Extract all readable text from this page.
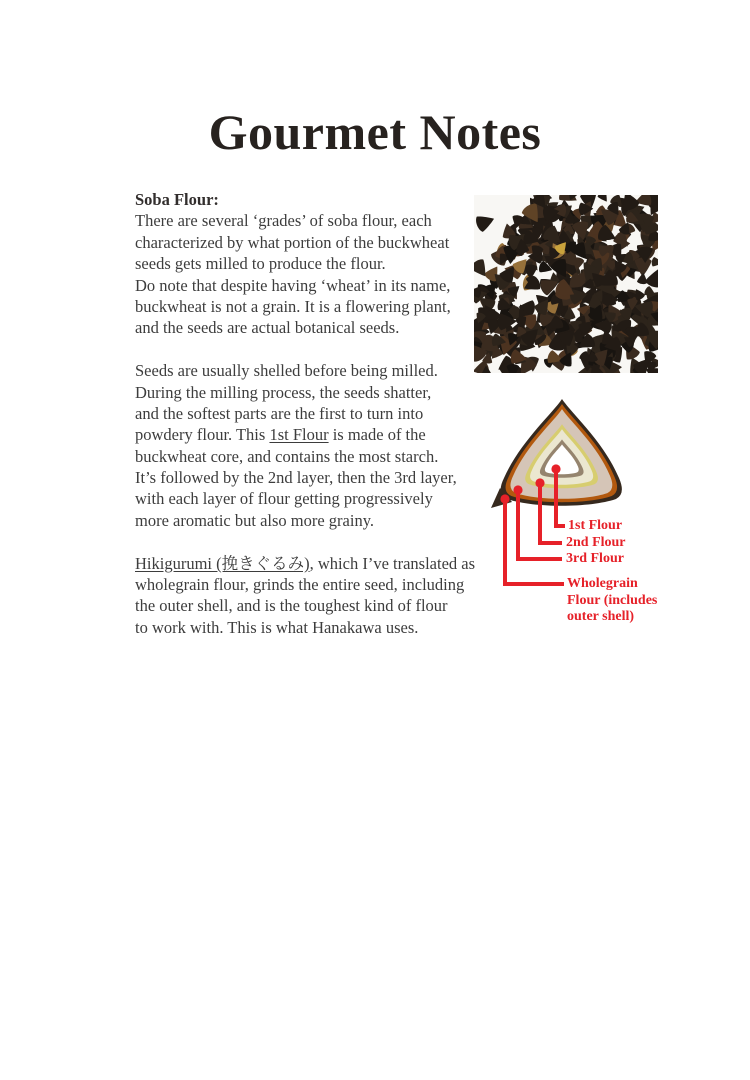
Gourmet Notes
Soba Flour:
There are several ‘grades’ of soba flour, each
characterized by what portion of the buckwheat
seeds gets milled to produce the flour.
Do note that despite having ‘wheat’ in its name,
buckwheat is not a grain. It is a flowering plant,
and the seeds are actual botanical seeds.
Seeds are usually shelled before being milled.
During the milling process, the seeds shatter,
and the softest parts are the first to turn into
powdery flour. This 1st Flour is made of the
buckwheat core, and contains the most starch.
It’s followed by the 2nd layer, then the 3rd layer,
with each layer of flour getting progressively
more aromatic but also more grainy.
Hikigurumi (挽きぐるみ), which I’ve translated as
wholegrain flour, grinds the entire seed, including
the outer shell, and is the toughest kind of flour
to work with. This is what Hanakawa uses.
1st Flour
2nd Flour
3rd Flour
Wholegrain
Flour (includes
outer shell)
